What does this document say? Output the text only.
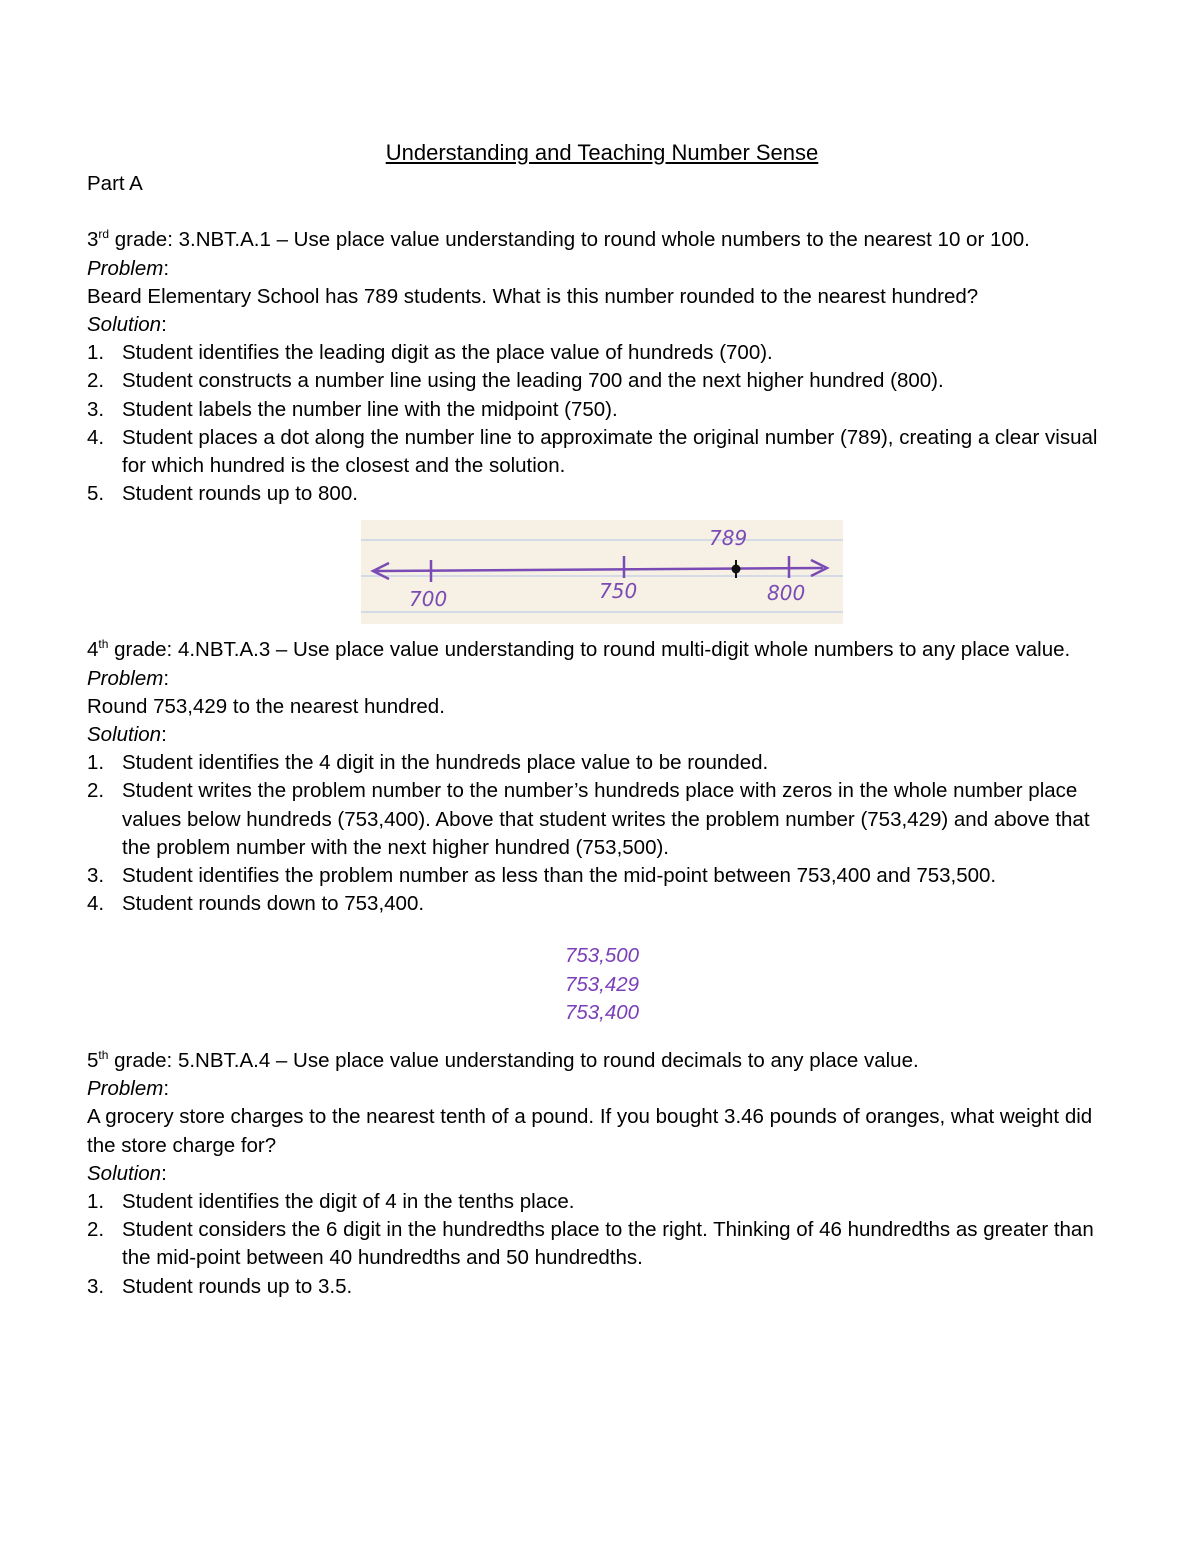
Understanding and Teaching Number Sense
Part A
3rd grade: 3.NBT.A.1 – Use place value understanding to round whole numbers to the nearest 10 or 100.
Problem:
Beard Elementary School has 789 students. What is this number rounded to the nearest hundred?
Solution:
1. Student identifies the leading digit as the place value of hundreds (700).
2. Student constructs a number line using the leading 700 and the next higher hundred (800).
3. Student labels the number line with the midpoint (750).
4. Student places a dot along the number line to approximate the original number (789), creating a clear visual for which hundred is the closest and the solution.
5. Student rounds up to 800.
700	750	800
789
4th grade: 4.NBT.A.3 – Use place value understanding to round multi-digit whole numbers to any place value.
Problem:
Round 753,429 to the nearest hundred.
Solution:
1. Student identifies the 4 digit in the hundreds place value to be rounded.
2. Student writes the problem number to the number’s hundreds place with zeros in the whole number place values below hundreds (753,400). Above that student writes the problem number (753,429) and above that the problem number with the next higher hundred (753,500).
3. Student identifies the problem number as less than the mid-point between 753,400 and 753,500.
4. Student rounds down to 753,400.
753,500
753,429
753,400
5th grade: 5.NBT.A.4 – Use place value understanding to round decimals to any place value.
Problem:
A grocery store charges to the nearest tenth of a pound. If you bought 3.46 pounds of oranges, what weight did the store charge for?
Solution:
1. Student identifies the digit of 4 in the tenths place.
2. Student considers the 6 digit in the hundredths place to the right. Thinking of 46 hundredths as greater than the mid-point between 40 hundredths and 50 hundredths.
3. Student rounds up to 3.5.
